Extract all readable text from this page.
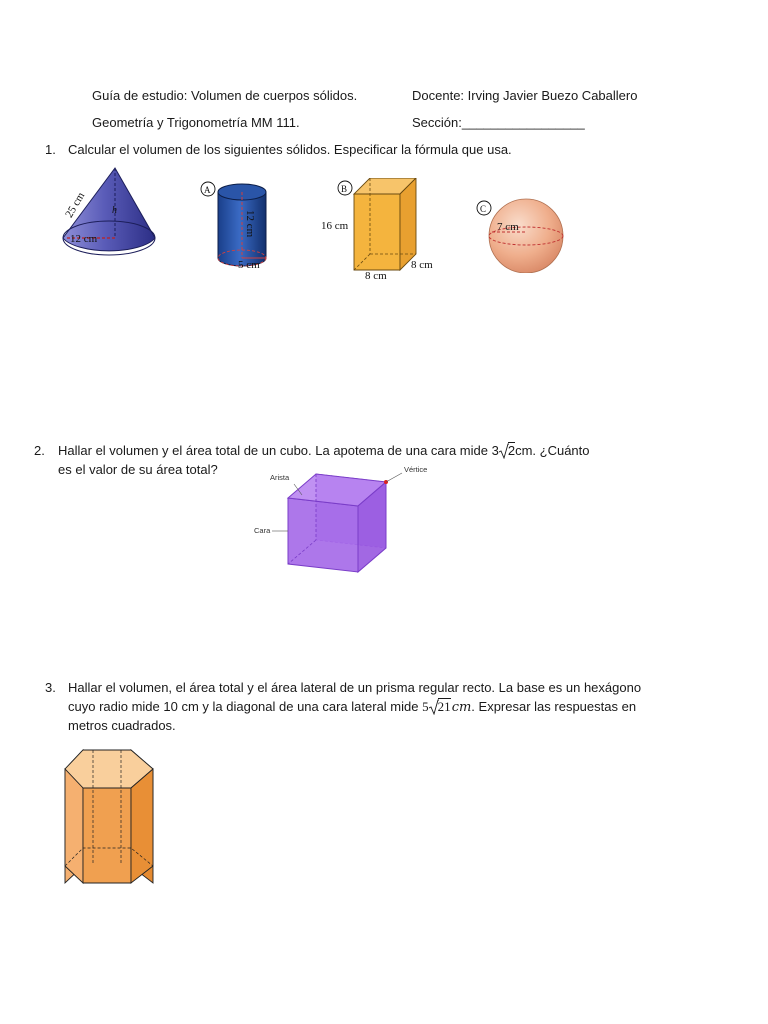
Guía de estudio: Volumen de cuerpos sólidos.	Docente: Irving Javier Buezo Caballero
Geometría y Trigonometría MM 111.	Sección:_________________
1. Calcular el volumen de los siguientes sólidos. Especificar la fórmula que usa.
25 cm h
12 cm
A
12 cm
5 cm
B
16 cm
8 cm
8 cm
C
7 cm
2. Hallar el volumen y el área total de un cubo. La apotema de una cara mide 3 2cm. ¿Cuánto
es el valor de su área total?
Arista
Vértice
Cara
3. Hallar el volumen, el área total y el área lateral de un prisma regular recto. La base es un hexágono
cuyo radio mide 10 cm y la diagonal de una cara lateral mide 5 21 cm. Expresar las respuestas en
metros cuadrados.
